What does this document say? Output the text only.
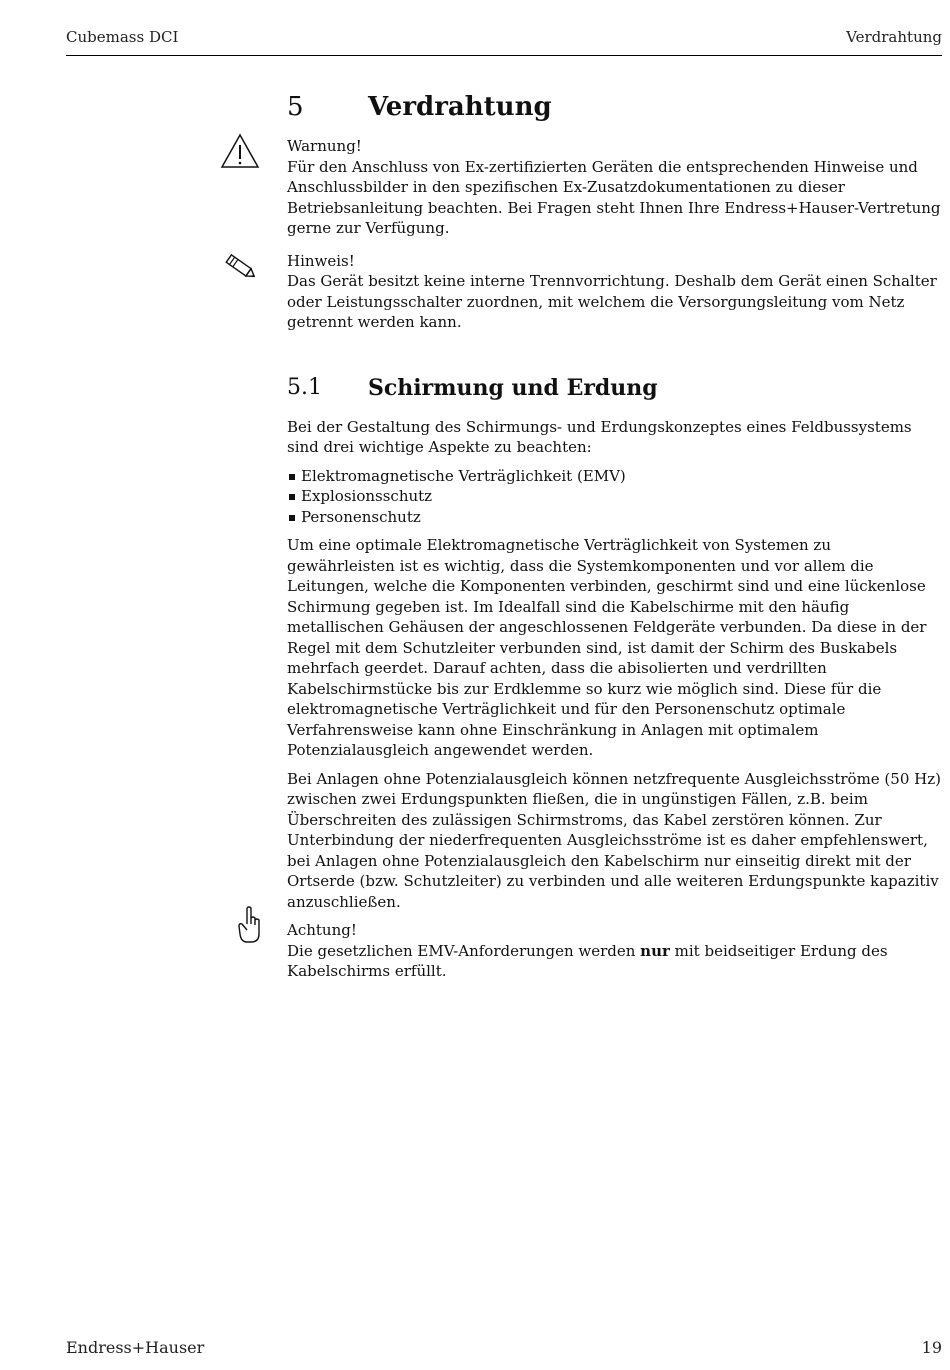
Cubemass DCI	Verdrahtung
5	Verdrahtung
Warnung!
Für den Anschluss von Ex-zertifizierten Geräten die entsprechenden Hinweise und Anschlussbilder in den spezifischen Ex-Zusatzdokumentationen zu dieser Betriebsanleitung beachten. Bei Fragen steht Ihnen Ihre Endress+Hauser-Vertretung gerne zur Verfügung.
Hinweis!
Das Gerät besitzt keine interne Trennvorrichtung. Deshalb dem Gerät einen Schalter oder Leistungsschalter zuordnen, mit welchem die Versorgungsleitung vom Netz getrennt werden kann.
5.1	Schirmung und Erdung

Bei der Gestaltung des Schirmungs- und Erdungskonzeptes eines Feldbussystems sind drei wichtige Aspekte zu beachten:

Elektromagnetische Verträglichkeit (EMV)
Explosionsschutz
Personenschutz

Um eine optimale Elektromagnetische Verträglichkeit von Systemen zu gewährleisten ist es wichtig, dass die Systemkomponenten und vor allem die Leitungen, welche die Komponenten verbinden, geschirmt sind und eine lückenlose Schirmung gegeben ist. Im Idealfall sind die Kabelschirme mit den häufig metallischen Gehäusen der angeschlossenen Feldgeräte verbunden. Da diese in der Regel mit dem Schutzleiter verbunden sind, ist damit der Schirm des Buskabels mehrfach geerdet. Darauf achten, dass die abisolierten und verdrillten Kabelschirmstücke bis zur Erdklemme so kurz wie möglich sind. Diese für die elektromagnetische Verträglichkeit und für den Personenschutz optimale Verfahrensweise kann ohne Einschränkung in Anlagen mit optimalem Potenzialausgleich angewendet werden.

Bei Anlagen ohne Potenzialausgleich können netzfrequente Ausgleichsströme (50 Hz) zwischen zwei Erdungspunkten fließen, die in ungünstigen Fällen, z.B. beim Überschreiten des zulässigen Schirmstroms, das Kabel zerstören können. Zur Unterbindung der niederfrequenten Ausgleichsströme ist es daher empfehlenswert, bei Anlagen ohne Potenzialausgleich den Kabelschirm nur einseitig direkt mit der Ortserde (bzw. Schutzleiter) zu verbinden und alle weiteren Erdungspunkte kapazitiv anzuschließen.

Achtung!
Die gesetzlichen EMV-Anforderungen werden nur mit beidseitiger Erdung des Kabelschirms erfüllt.
Endress+Hauser	19
